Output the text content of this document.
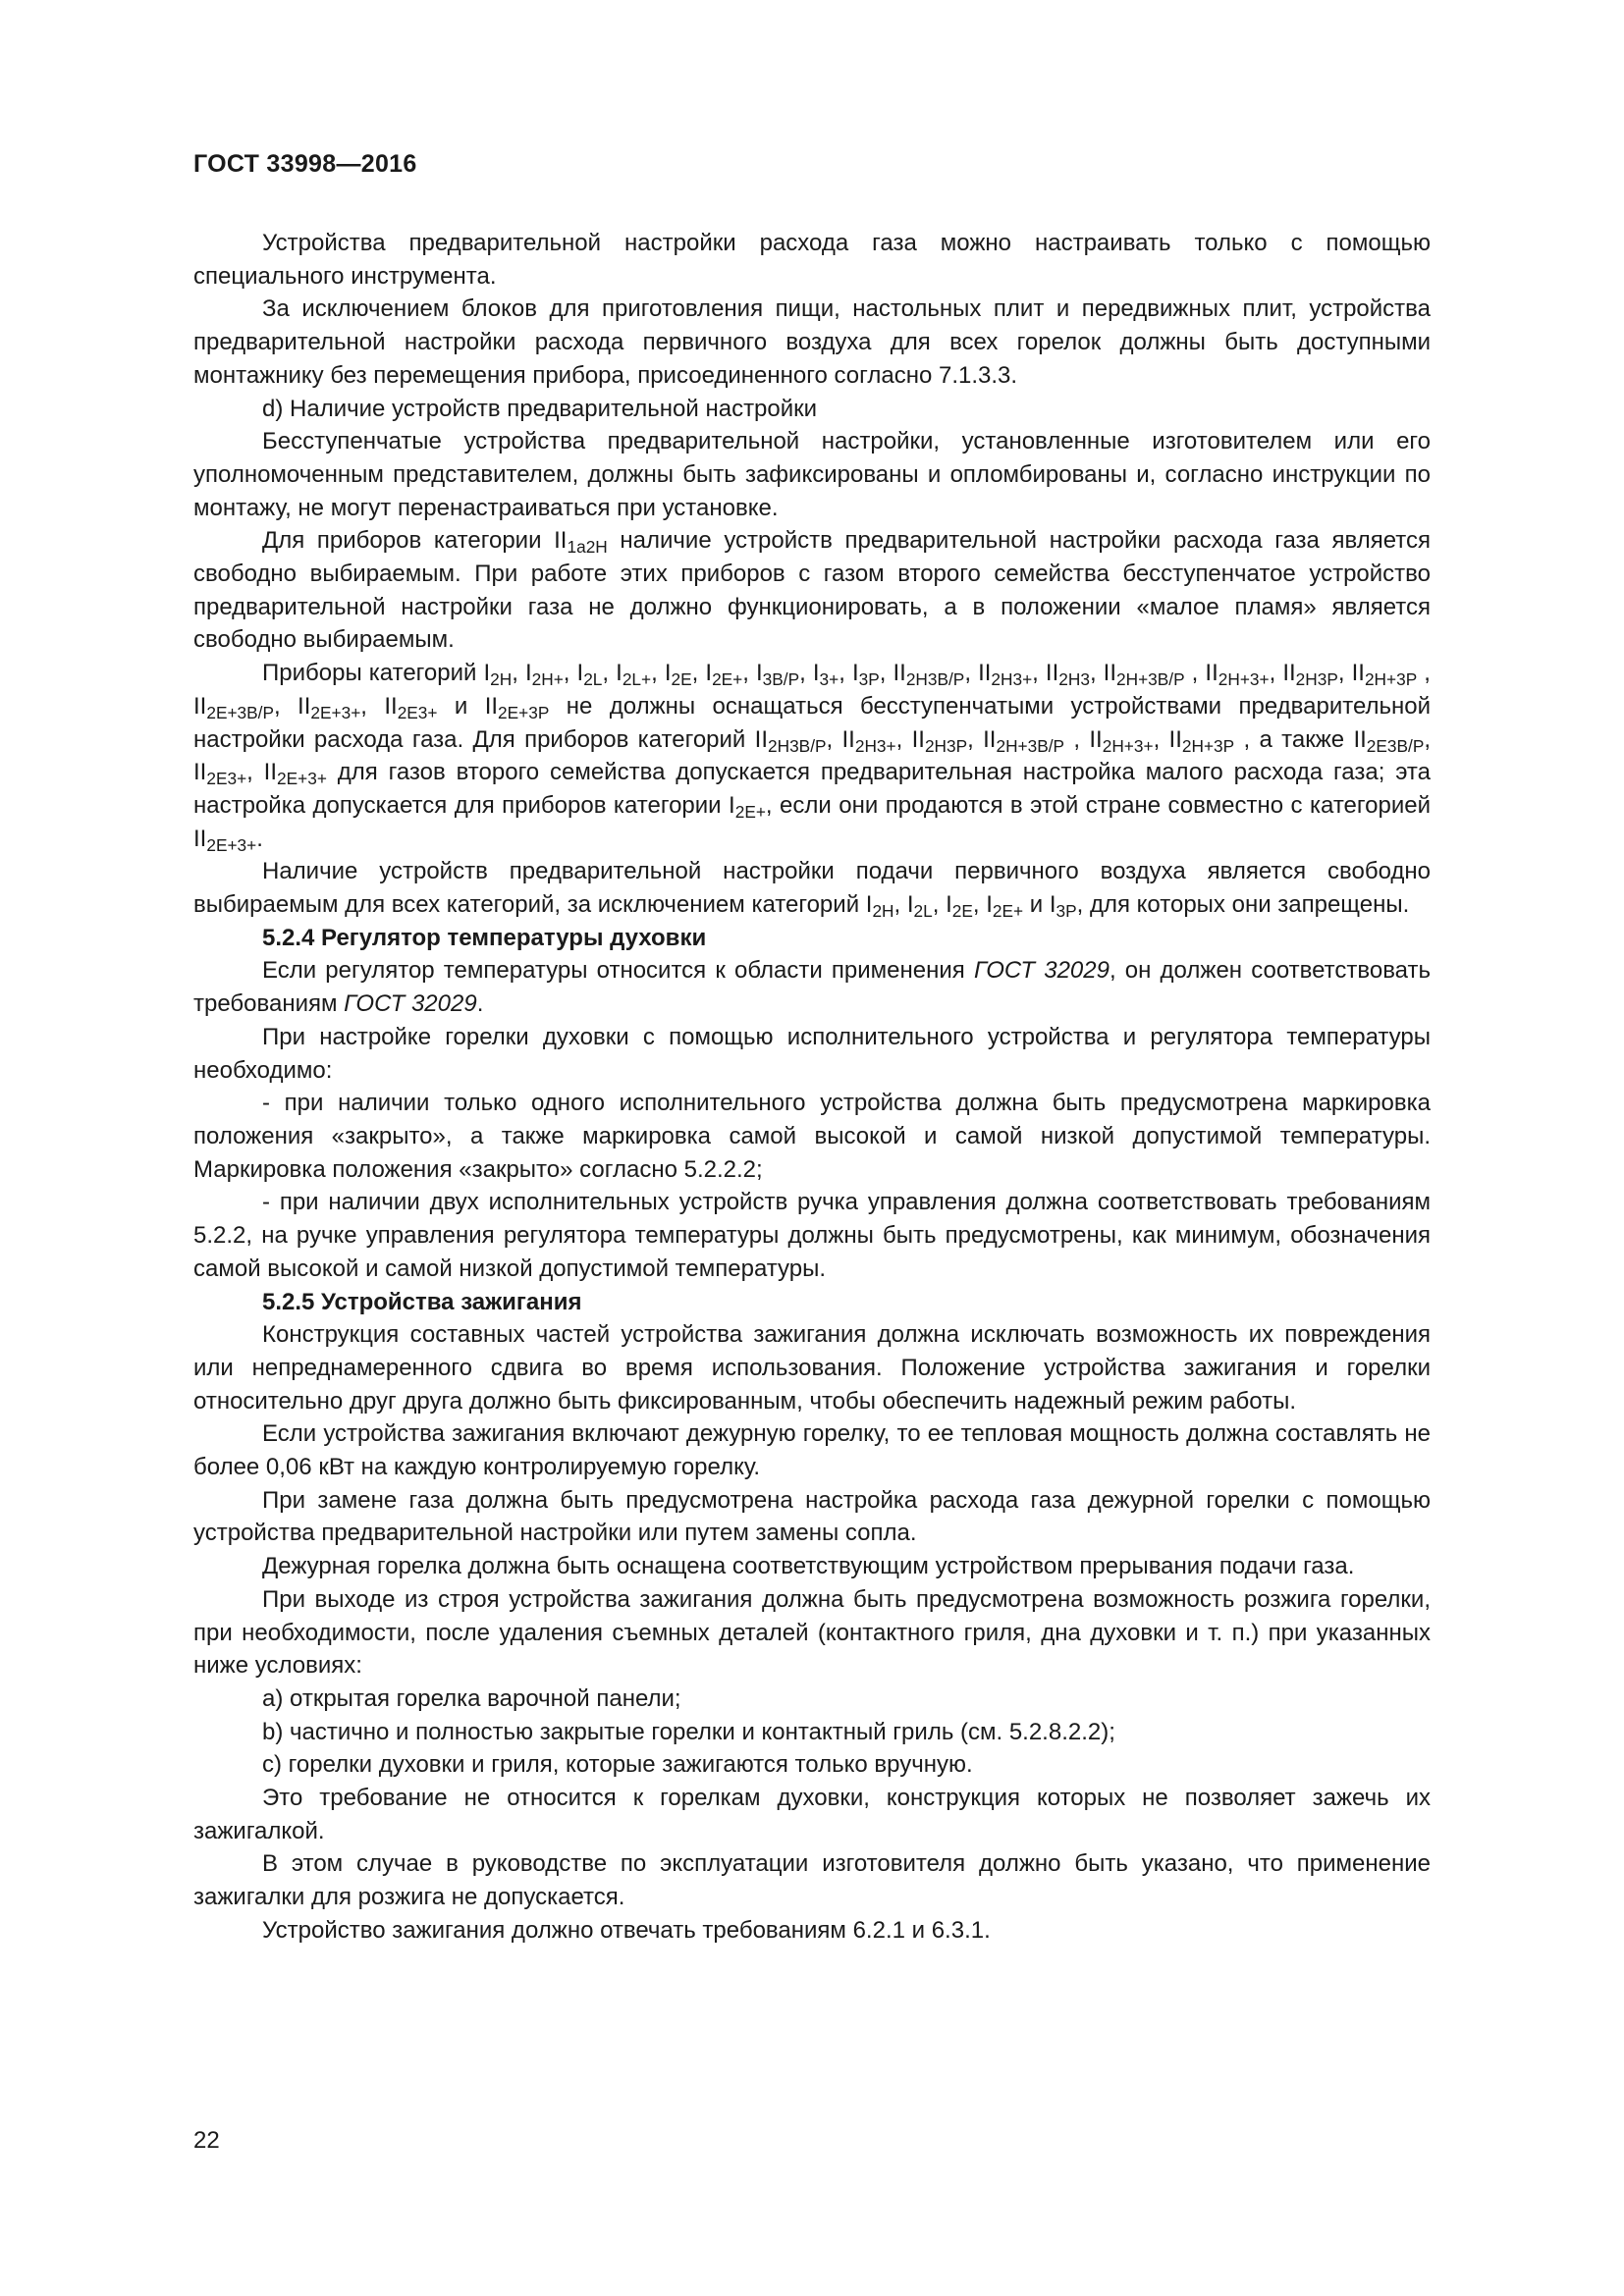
ГОСТ 33998—2016

Устройства предварительной настройки расхода газа можно настраивать только с помощью специального инструмента.

За исключением блоков для приготовления пищи, настольных плит и передвижных плит, устройства предварительной настройки расхода первичного воздуха для всех горелок должны быть доступными монтажнику без перемещения прибора, присоединенного согласно 7.1.3.3.

d) Наличие устройств предварительной настройки

Бесступенчатые устройства предварительной настройки, установленные изготовителем или его уполномоченным представителем, должны быть зафиксированы и опломбированы и, согласно инструкции по монтажу, не могут перенастраиваться при установке.

Для приборов категории $II_{1a2H}$ наличие устройств предварительной настройки расхода газа является свободно выбираемым. При работе этих приборов с газом второго семейства бесступенчатое устройство предварительной настройки газа не должно функционировать, а в положении «малое пламя» является свободно выбираемым.

Приборы категорий $I_{2H}$, $I_{2H+}$, $I_{2L}$, $I_{2L+}$, $I_{2E}$, $I_{2E+}$, $I_{3B/P}$, $I_{3+}$, $I_{3P}$, $II_{2H3B/P}$, $II_{2H3+}$, $II_{2H3}$, $II_{2H+3B/P}$ , $II_{2H+3+}$, $II_{2H3P}$, $II_{2H+3P}$ , $II_{2E+3B/P}$, $II_{2E+3+}$, $II_{2E3+}$ и $II_{2E+3P}$ не должны оснащаться бесступенчатыми устройствами предварительной настройки расхода газа. Для приборов категорий $II_{2H3B/P}$, $II_{2H3+}$, $II_{2H3P}$, $II_{2H+3B/P}$ , $II_{2H+3+}$, $II_{2H+3P}$ , а также $II_{2E3B/P}$, $II_{2E3+}$, $II_{2E+3+}$ для газов второго семейства допускается предварительная настройка малого расхода газа; эта настройка допускается для приборов категории $I_{2E+}$, если они продаются в этой стране совместно с категорией $II_{2E+3+}$.

Наличие устройств предварительной настройки подачи первичного воздуха является свободно выбираемым для всех категорий, за исключением категорий $I_{2H}$, $I_{2L}$, $I_{2E}$, $I_{2E+}$ и $I_{3P}$, для которых они запрещены.

5.2.4 Регулятор температуры духовки

Если регулятор температуры относится к области применения ГОСТ 32029, он должен соответствовать требованиям ГОСТ 32029.

При настройке горелки духовки с помощью исполнительного устройства и регулятора температуры необходимо:

- при наличии только одного исполнительного устройства должна быть предусмотрена маркировка положения «закрыто», а также маркировка самой высокой и самой низкой допустимой температуры. Маркировка положения «закрыто» согласно 5.2.2.2;

- при наличии двух исполнительных устройств ручка управления должна соответствовать требованиям 5.2.2, на ручке управления регулятора температуры должны быть предусмотрены, как минимум, обозначения самой высокой и самой низкой допустимой температуры.

5.2.5 Устройства зажигания

Конструкция составных частей устройства зажигания должна исключать возможность их повреждения или непреднамеренного сдвига во время использования. Положение устройства зажигания и горелки относительно друг друга должно быть фиксированным, чтобы обеспечить надежный режим работы.

Если устройства зажигания включают дежурную горелку, то ее тепловая мощность должна составлять не более 0,06 кВт на каждую контролируемую горелку.

При замене газа должна быть предусмотрена настройка расхода газа дежурной горелки с помощью устройства предварительной настройки или путем замены сопла.

Дежурная горелка должна быть оснащена соответствующим устройством прерывания подачи газа.

При выходе из строя устройства зажигания должна быть предусмотрена возможность розжига горелки, при необходимости, после удаления съемных деталей (контактного гриля, дна духовки и т. п.) при указанных ниже условиях:

a) открытая горелка варочной панели;

b) частично и полностью закрытые горелки и контактный гриль (см. 5.2.8.2.2);

c) горелки духовки и гриля, которые зажигаются только вручную.

Это требование не относится к горелкам духовки, конструкция которых не позволяет зажечь их зажигалкой.

В этом случае в руководстве по эксплуатации изготовителя должно быть указано, что применение зажигалки для розжига не допускается.

Устройство зажигания должно отвечать требованиям 6.2.1 и 6.3.1.

22
